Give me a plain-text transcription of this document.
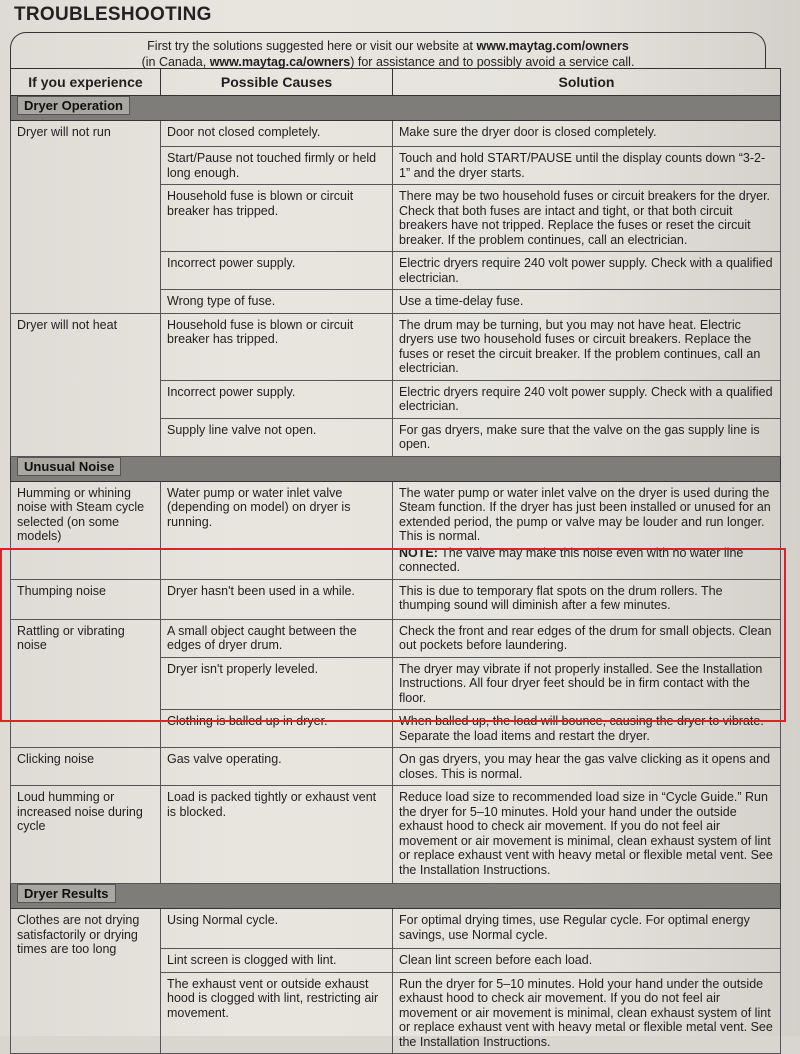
TROUBLESHOOTING
First try the solutions suggested here or visit our website at www.maytag.com/owners
(in Canada, www.maytag.ca/owners) for assistance and to possibly avoid a service call.
If you experience	Possible Causes	Solution
Dryer Operation		
Dryer will not run	Door not closed completely.	Make sure the dryer door is closed completely.

	Start/Pause not touched firmly or held long enough.	Touch and hold START/PAUSE until the display counts down “3-2-1” and the dryer starts.

	Household fuse is blown or circuit breaker has tripped.	There may be two household fuses or circuit breakers for the dryer. Check that both fuses are intact and tight, or that both circuit breakers have not tripped. Replace the fuses or reset the circuit breaker. If the problem continues, call an electrician.

	Incorrect power supply.	Electric dryers require 240 volt power supply. Check with a qualified electrician.

	Wrong type of fuse.	Use a time-delay fuse.

Dryer will not heat	Household fuse is blown or circuit breaker has tripped.	The drum may be turning, but you may not have heat. Electric dryers use two household fuses or circuit breakers. Replace the fuses or reset the circuit breaker. If the problem continues, call an electrician.

	Incorrect power supply.	Electric dryers require 240 volt power supply. Check with a qualified electrician.

	Supply line valve not open.	For gas dryers, make sure that the valve on the gas supply line is open.

Unusual Noise		
Humming or whining noise with Steam cycle selected (on some models)	Water pump or water inlet valve (depending on model) on dryer is running.	The water pump or water inlet valve on the dryer is used during the Steam function. If the dryer has just been installed or unused for an extended period, the pump or valve may be louder and run longer. This is normal.
NOTE: The valve may make this noise even with no water line connected.

Thumping noise	Dryer hasn't been used in a while.	This is due to temporary flat spots on the drum rollers. The thumping sound will diminish after a few minutes.

Rattling or vibrating noise	A small object caught between the edges of dryer drum.	Check the front and rear edges of the drum for small objects. Clean out pockets before laundering.

	Dryer isn't properly leveled.	The dryer may vibrate if not properly installed. See the Installation Instructions. All four dryer feet should be in firm contact with the floor.

	Clothing is balled up in dryer.	When balled up, the load will bounce, causing the dryer to vibrate. Separate the load items and restart the dryer.

Clicking noise	Gas valve operating.	On gas dryers, you may hear the gas valve clicking as it opens and closes. This is normal.

Loud humming or increased noise during cycle	Load is packed tightly or exhaust vent is blocked.	Reduce load size to recommended load size in “Cycle Guide.” Run the dryer for 5–10 minutes. Hold your hand under the outside exhaust hood to check air movement. If you do not feel air movement or air movement is minimal, clean exhaust system of lint or replace exhaust vent with heavy metal or flexible metal vent. See the Installation Instructions.

Dryer Results		
Clothes are not drying satisfactorily or drying times are too long	Using Normal cycle.	For optimal drying times, use Regular cycle. For optimal energy savings, use Normal cycle.

	Lint screen is clogged with lint.	Clean lint screen before each load.

	The exhaust vent or outside exhaust hood is clogged with lint, restricting air movement.	Run the dryer for 5–10 minutes. Hold your hand under the outside exhaust hood to check air movement. If you do not feel air movement or air movement is minimal, clean exhaust system of lint or replace exhaust vent with heavy metal or flexible metal vent. See the Installation Instructions.
